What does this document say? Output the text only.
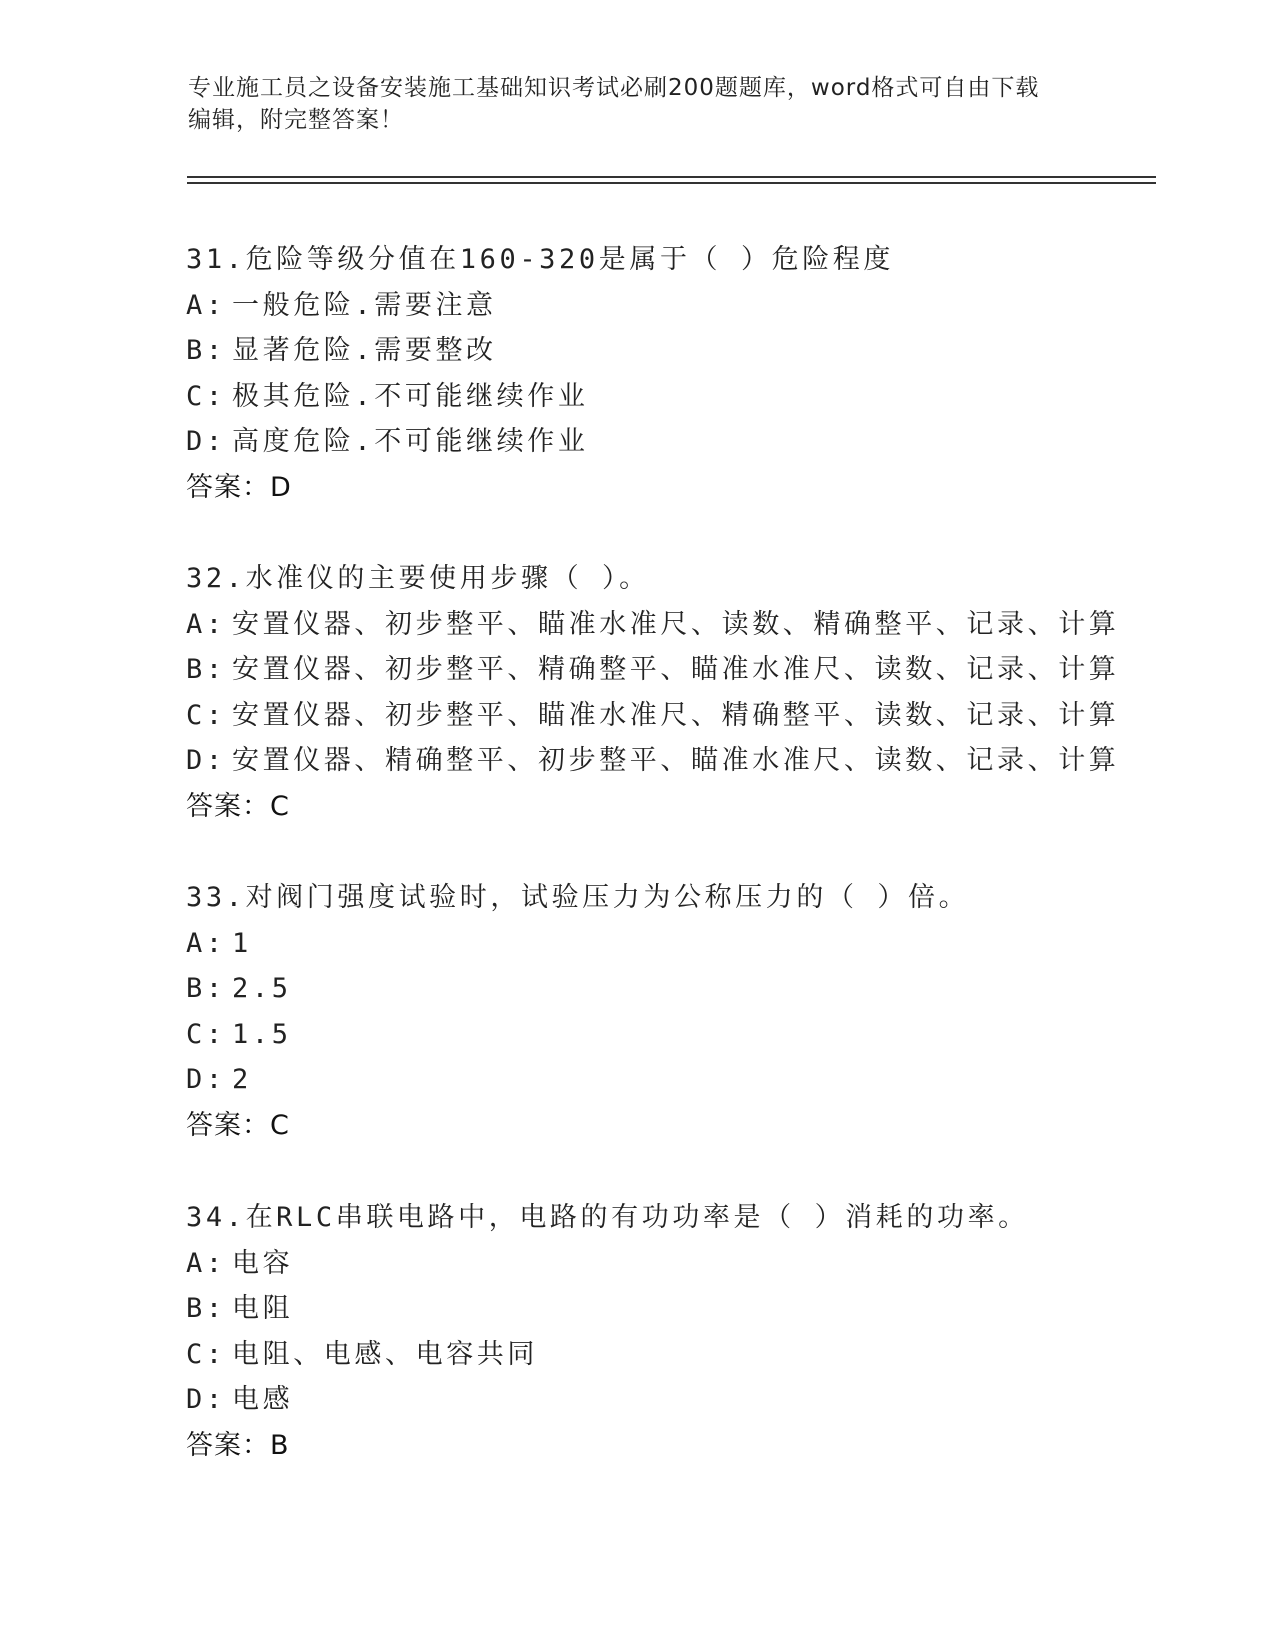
专业施工员之设备安装施工基础知识考试必刷200题题库，word格式可自由下载
编辑，附完整答案！
31.危险等级分值在160-320是属于（ ）危险程度
A: 一般危险.需要注意
B: 显著危险.需要整改
C: 极其危险.不可能继续作业
D: 高度危险.不可能继续作业
答案：D
32.水准仪的主要使用步骤（ ）。
A: 安置仪器、初步整平、瞄准水准尺、读数、精确整平、记录、计算
B: 安置仪器、初步整平、精确整平、瞄准水准尺、读数、记录、计算
C: 安置仪器、初步整平、瞄准水准尺、精确整平、读数、记录、计算
D: 安置仪器、精确整平、初步整平、瞄准水准尺、读数、记录、计算
答案：C
33.对阀门强度试验时，试验压力为公称压力的（ ）倍。
A: 1
B: 2.5
C: 1.5
D: 2
答案：C
34.在RLC串联电路中，电路的有功功率是（ ）消耗的功率。
A: 电容
B: 电阻
C: 电阻、电感、电容共同
D: 电感
答案：B
